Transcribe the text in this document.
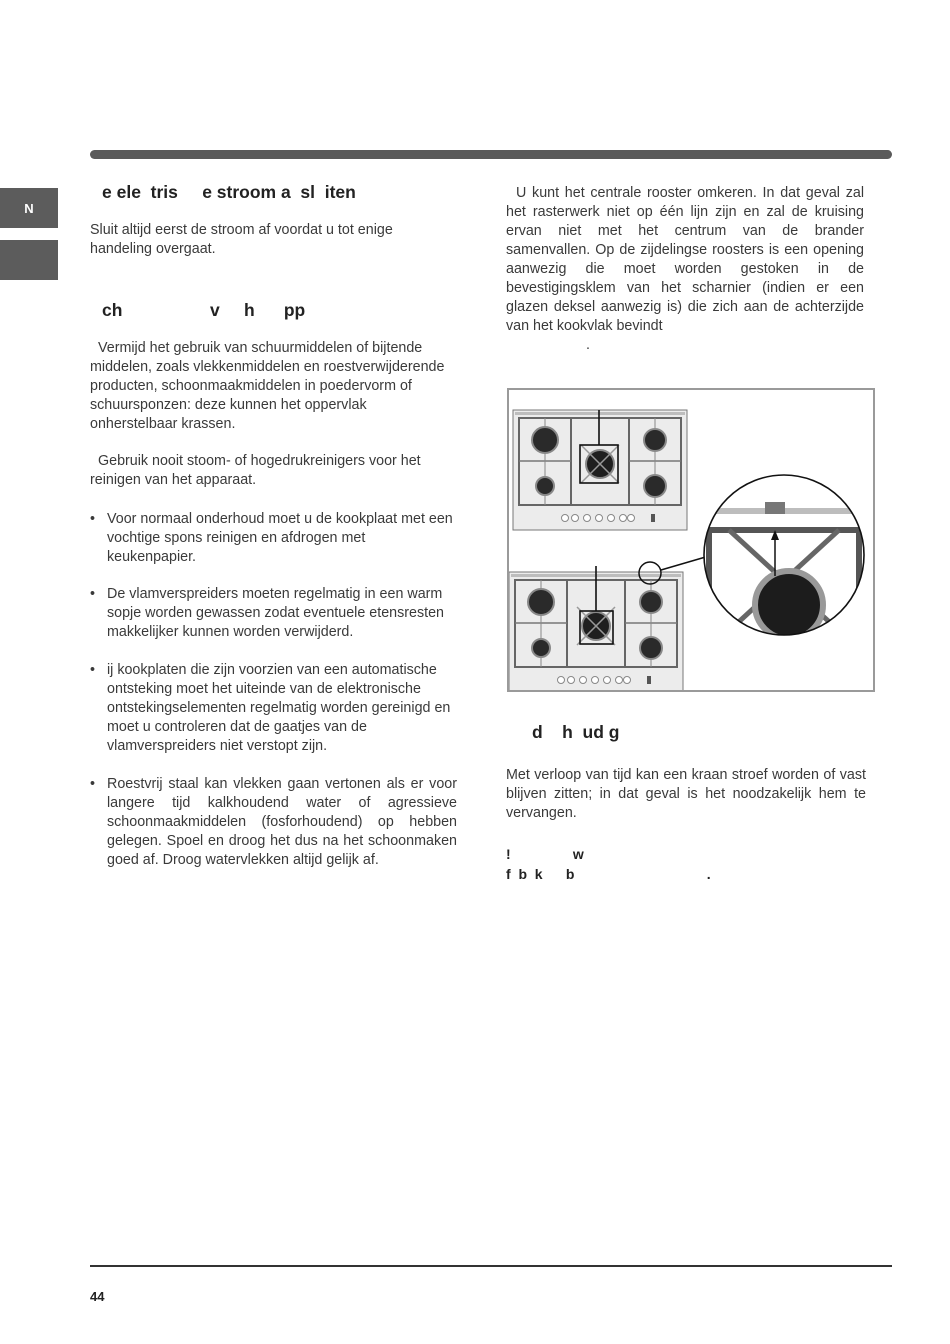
N
e ele  tris     e stroom a  sl  iten

Sluit altijd eerst de stroom af voordat u tot enige handeling overgaat.

ch                  v     h      pp

Vermijd het gebruik van schuurmiddelen of bijtende middelen, zoals vlekkenmiddelen en roestverwijderende producten, schoonmaakmiddelen in poedervorm of schuursponzen: deze kunnen het oppervlak onherstelbaar krassen.

Gebruik nooit stoom- of hogedrukreinigers voor het reinigen van het apparaat.

• Voor normaal onderhoud moet u de kookplaat met een vochtige spons reinigen en afdrogen met keukenpapier.
• De vlamverspreiders moeten regelmatig in een warm sopje worden gewassen zodat eventuele etensresten makkelijker kunnen worden verwijderd.
• ij kookplaten die zijn voorzien van een automatische ontsteking moet het uiteinde van de elektronische ontstekingselementen regelmatig worden gereinigd en moet u controleren dat de gaatjes van de vlamverspreiders niet verstopt zijn.
• Roestvrij staal kan vlekken gaan vertonen als er voor langere tijd kalkhoudend water of agressieve schoonmaakmiddelen (fosforhoudend) op hebben gelegen. Spoel en droog het dus na het schoonmaken goed af. Droog watervlekken altijd gelijk af.

U kunt het centrale rooster omkeren. In dat geval zal het rasterwerk niet op één lijn zijn en zal de kruising ervan niet met het centrum van de brander samenvallen. Op de zijdelingse roosters is een opening aanwezig die moet worden gestoken in de bevestigingsklem van het scharnier (indien er een glazen deksel aanwezig is) die zich aan de achterzijde van het kookvlak bevindt

.

d    h  ud g

Met verloop van tijd kan een kraan stroef worden of vast blijven zitten; in dat geval is het noodzakelijk hem te vervangen.

!                w

f  b  k      b                                  .

44
